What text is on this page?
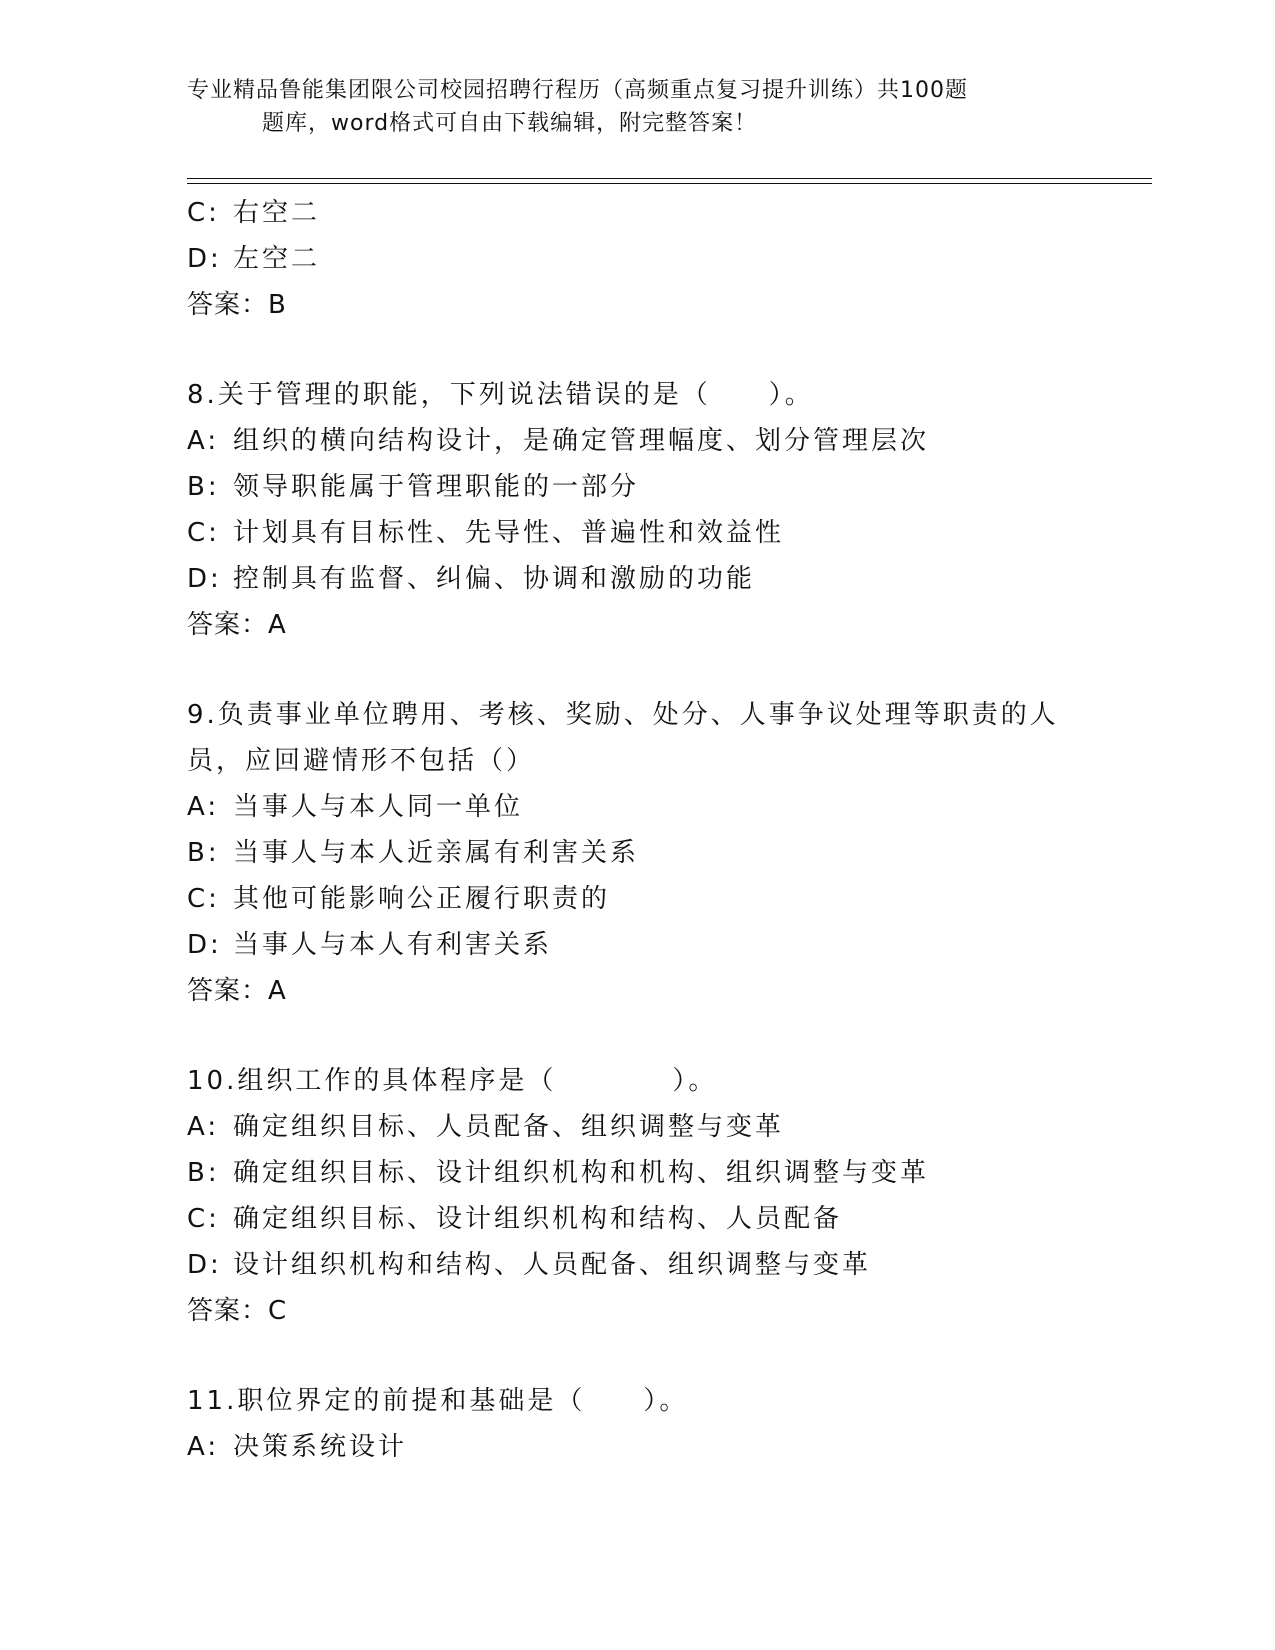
专业精品鲁能集团限公司校园招聘行程历（高频重点复习提升训练）共100题
题库，word格式可自由下载编辑，附完整答案！
C: 右空二
D: 左空二
答案：B
8.关于管理的职能，下列说法错误的是（　　）。
A: 组织的横向结构设计，是确定管理幅度、划分管理层次
B: 领导职能属于管理职能的一部分
C: 计划具有目标性、先导性、普遍性和效益性
D: 控制具有监督、纠偏、协调和激励的功能
答案：A
9.负责事业单位聘用、考核、奖励、处分、人事争议处理等职责的人
员，应回避情形不包括（）
A: 当事人与本人同一单位
B: 当事人与本人近亲属有利害关系
C: 其他可能影响公正履行职责的
D: 当事人与本人有利害关系
答案：A
10.组织工作的具体程序是（　　　　）。
A: 确定组织目标、人员配备、组织调整与变革
B: 确定组织目标、设计组织机构和机构、组织调整与变革
C: 确定组织目标、设计组织机构和结构、人员配备
D: 设计组织机构和结构、人员配备、组织调整与变革
答案：C
11.职位界定的前提和基础是（　　）。
A: 决策系统设计
